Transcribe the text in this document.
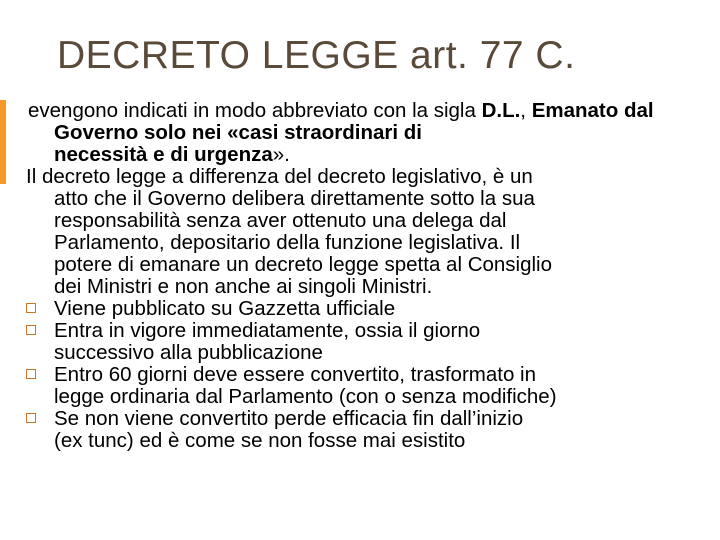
DECRETO LEGGE art. 77 C.

evengono indicati in modo abbreviato con la sigla D.L., Emanato dal Governo solo nei «casi straordinari di
necessità e di urgenza».

Il decreto legge a differenza del decreto legislativo, è un
atto che il Governo delibera direttamente sotto la sua
responsabilità senza aver ottenuto una delega dal
Parlamento, depositario della funzione legislativa. Il
potere di emanare un decreto legge spetta al Consiglio
dei Ministri e non anche ai singoli Ministri.

Viene pubblicato su Gazzetta ufficiale
Entra in vigore immediatamente, ossia il giorno
successivo alla pubblicazione
Entro 60 giorni deve essere convertito, trasformato in
legge ordinaria dal Parlamento (con o senza modifiche)
Se non viene convertito perde efficacia fin dall’inizio
(ex tunc) ed è come se non fosse mai esistito
